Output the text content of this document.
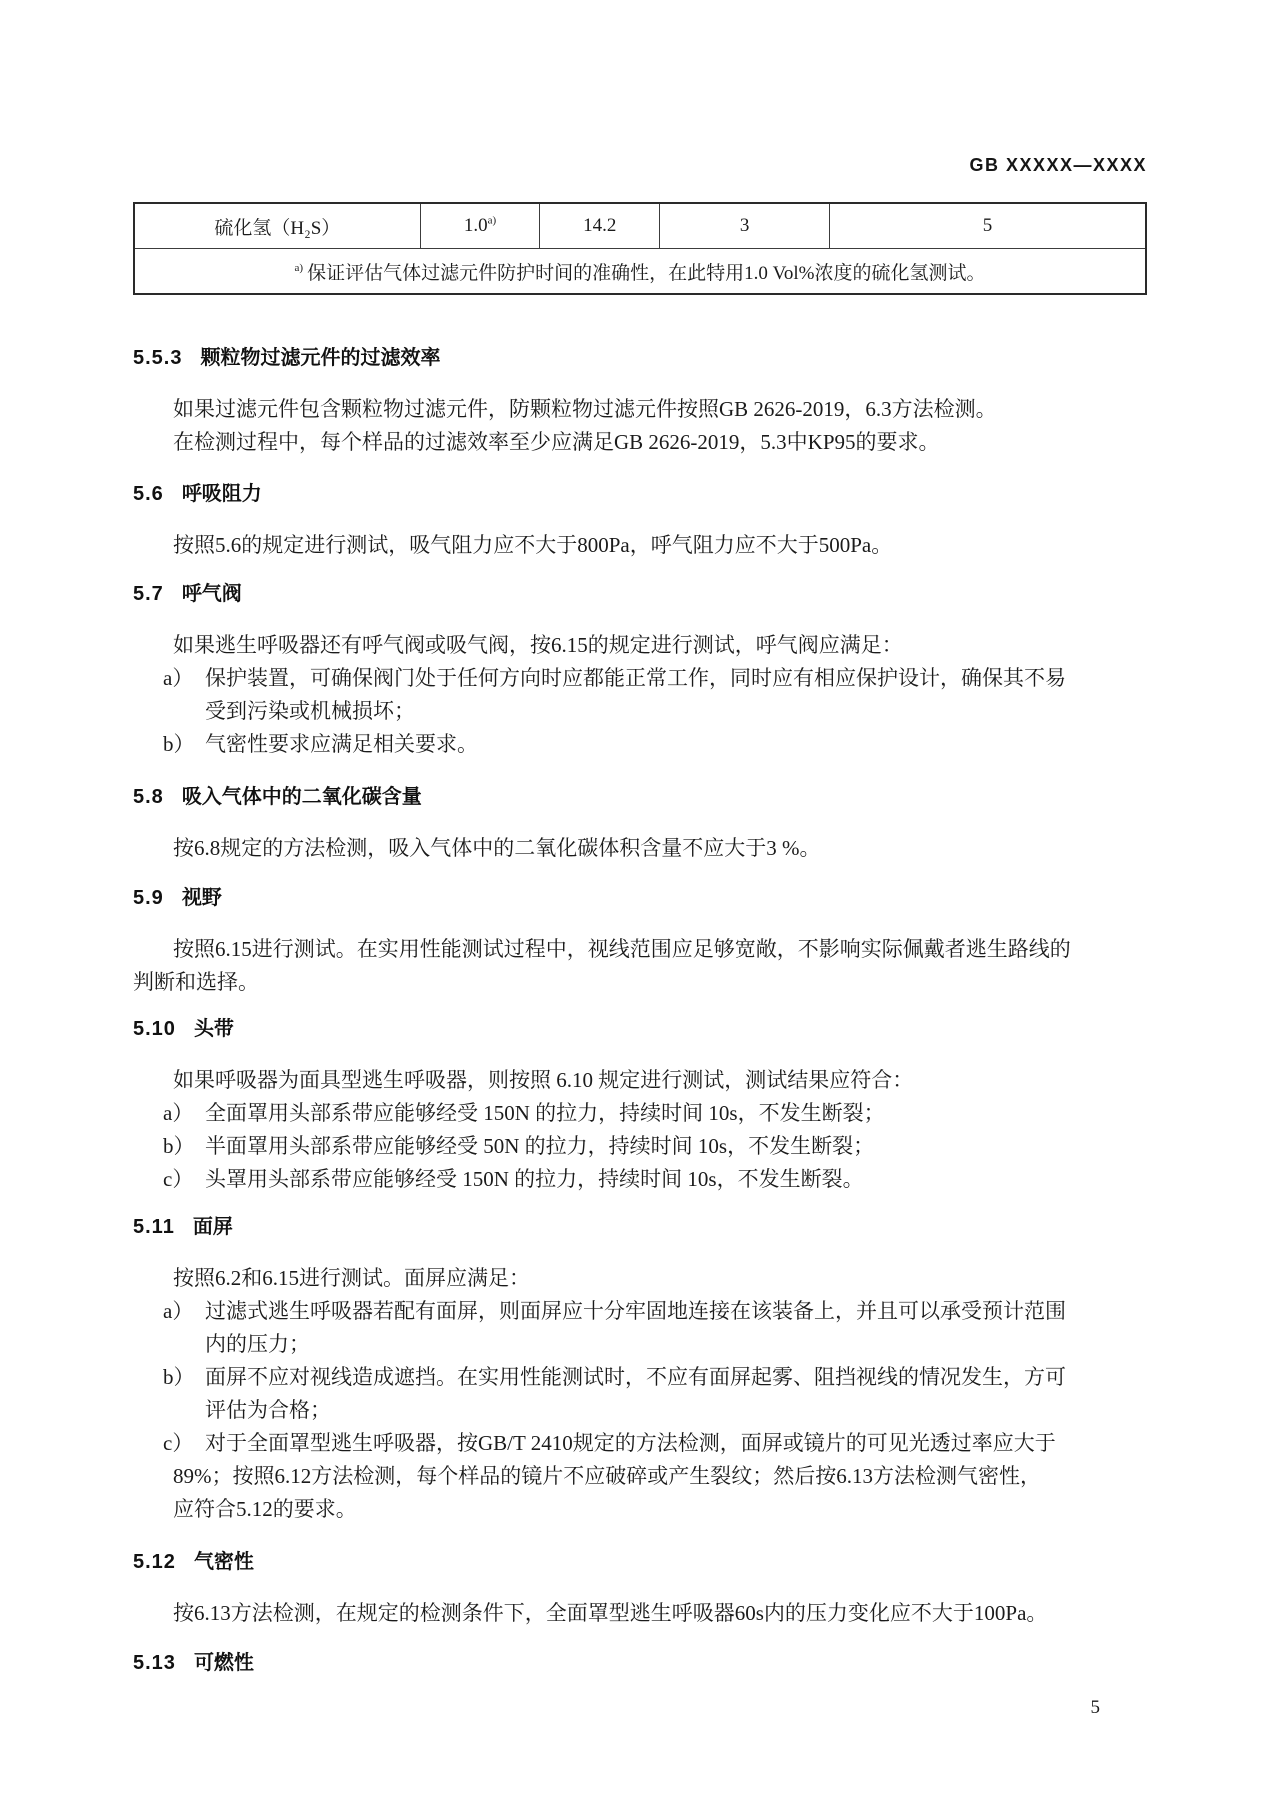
GB XXXXX—XXXX
硫化氢（H₂S）	1.0$^{a)}$	14.2	3	5
$^{a)}$ 保证评估气体过滤元件防护时间的准确性，在此特用1.0 Vol%浓度的硫化氢测试。
5.5.3 颗粒物过滤元件的过滤效率
如果过滤元件包含颗粒物过滤元件，防颗粒物过滤元件按照GB 2626-2019，6.3方法检测。
在检测过程中，每个样品的过滤效率至少应满足GB 2626-2019，5.3中KP95的要求。
5.6 呼吸阻力
按照5.6的规定进行测试，吸气阻力应不大于800Pa，呼气阻力应不大于500Pa。
5.7 呼气阀
如果逃生呼吸器还有呼气阀或吸气阀，按6.15的规定进行测试，呼气阀应满足：
a） 保护装置，可确保阀门处于任何方向时应都能正常工作，同时应有相应保护设计，确保其不易
受到污染或机械损坏；
b） 气密性要求应满足相关要求。
5.8 吸入气体中的二氧化碳含量
按6.8规定的方法检测，吸入气体中的二氧化碳体积含量不应大于3 %。
5.9 视野
按照6.15进行测试。在实用性能测试过程中，视线范围应足够宽敞，不影响实际佩戴者逃生路线的
判断和选择。
5.10 头带
如果呼吸器为面具型逃生呼吸器，则按照 6.10 规定进行测试，测试结果应符合：
a） 全面罩用头部系带应能够经受 150N 的拉力，持续时间 10s，不发生断裂；
b） 半面罩用头部系带应能够经受 50N 的拉力，持续时间 10s，不发生断裂；
c） 头罩用头部系带应能够经受 150N 的拉力，持续时间 10s，不发生断裂。
5.11 面屏
按照6.2和6.15进行测试。面屏应满足：
a） 过滤式逃生呼吸器若配有面屏，则面屏应十分牢固地连接在该装备上，并且可以承受预计范围
内的压力；
b） 面屏不应对视线造成遮挡。在实用性能测试时，不应有面屏起雾、阻挡视线的情况发生，方可
评估为合格；
c） 对于全面罩型逃生呼吸器，按GB/T 2410规定的方法检测，面屏或镜片的可见光透过率应大于
89%；按照6.12方法检测，每个样品的镜片不应破碎或产生裂纹；然后按6.13方法检测气密性，
应符合5.12的要求。
5.12 气密性
按6.13方法检测，在规定的检测条件下，全面罩型逃生呼吸器60s内的压力变化应不大于100Pa。
5.13 可燃性
5
